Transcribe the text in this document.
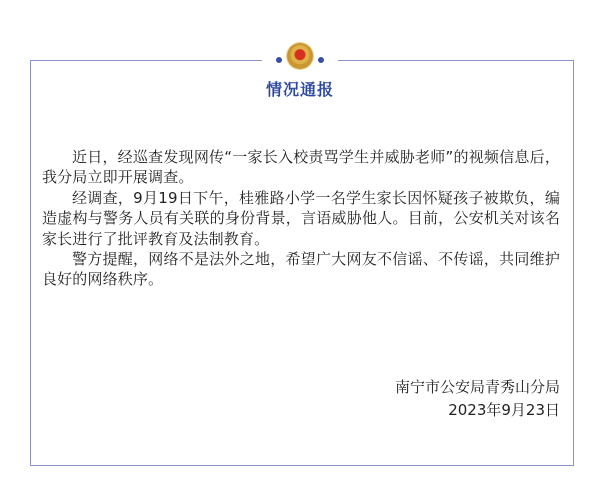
情况通报

近日，经巡查发现网传“一家长入校责骂学生并威胁老师”的视频信息后，我分局立即开展调查。

经调查，9月19日下午，桂雅路小学一名学生家长因怀疑孩子被欺负，编造虚构与警务人员有关联的身份背景，言语威胁他人。目前，公安机关对该名家长进行了批评教育及法制教育。

警方提醒，网络不是法外之地，希望广大网友不信谣、不传谣，共同维护良好的网络秩序。

南宁市公安局青秀山分局
2023年9月23日
